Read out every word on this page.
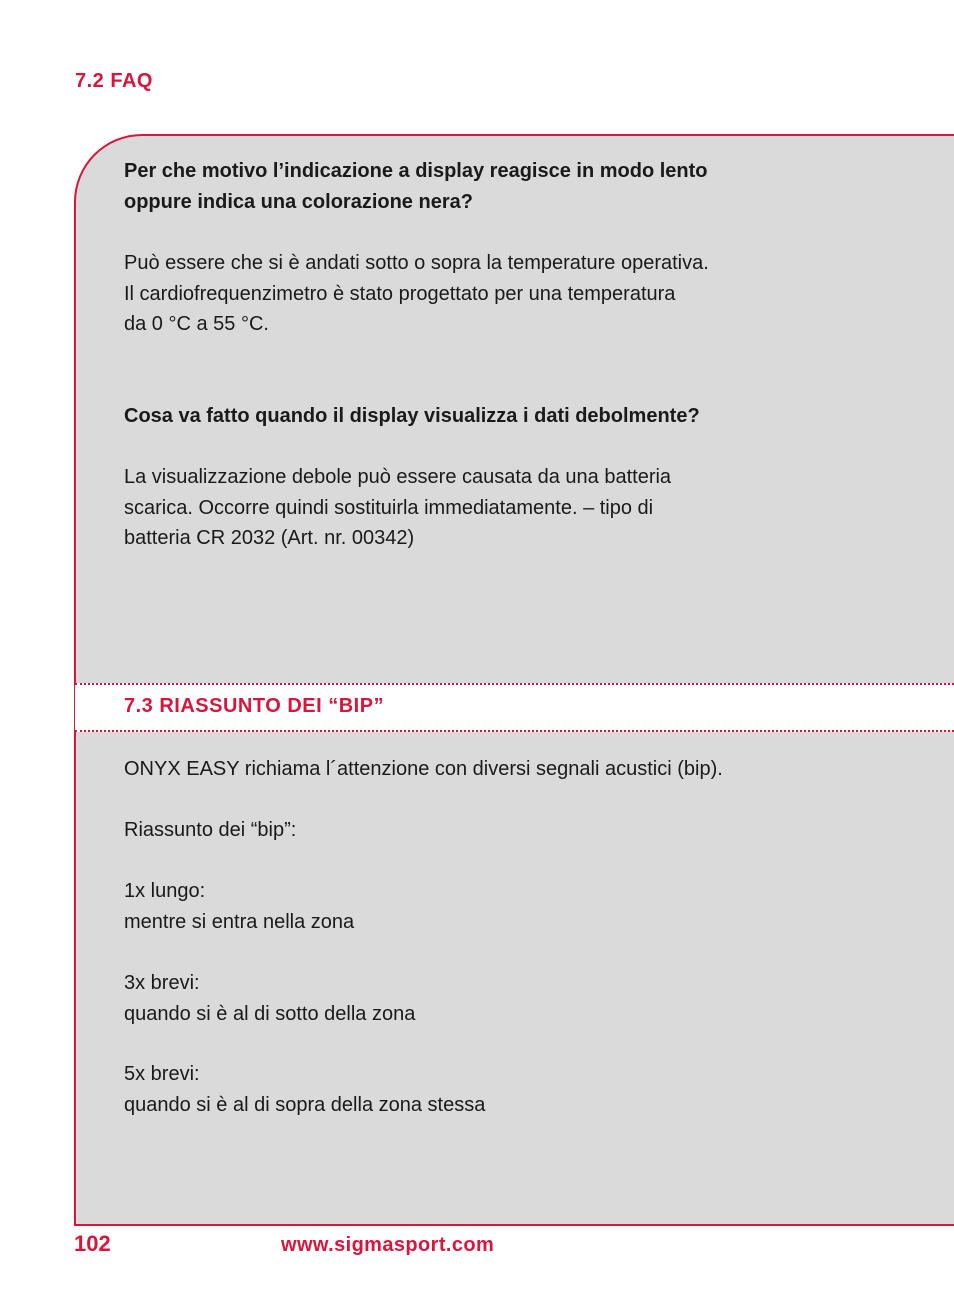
7.2 FAQ
Per che motivo l’indicazione a display reagisce in modo lento
oppure indica una colorazione nera?
Può essere che si è andati sotto o sopra la temperature operativa.
Il cardiofrequenzimetro è stato progettato per una temperatura
da 0 °C a 55 °C.
Cosa va fatto quando il display visualizza i dati debolmente?
La visualizzazione debole può essere causata da una batteria
scarica. Occorre quindi sostituirla immediatamente. – tipo di
batteria CR 2032 (Art. nr. 00342)
7.3 RIASSUNTO DEI “BIP”
ONYX EASY richiama l´attenzione con diversi segnali acustici (bip).
Riassunto dei “bip”:
1x lungo:
mentre si entra nella zona
3x brevi:
quando si è al di sotto della zona
5x brevi:
quando si è al di sopra della zona stessa
102	www.sigmasport.com
